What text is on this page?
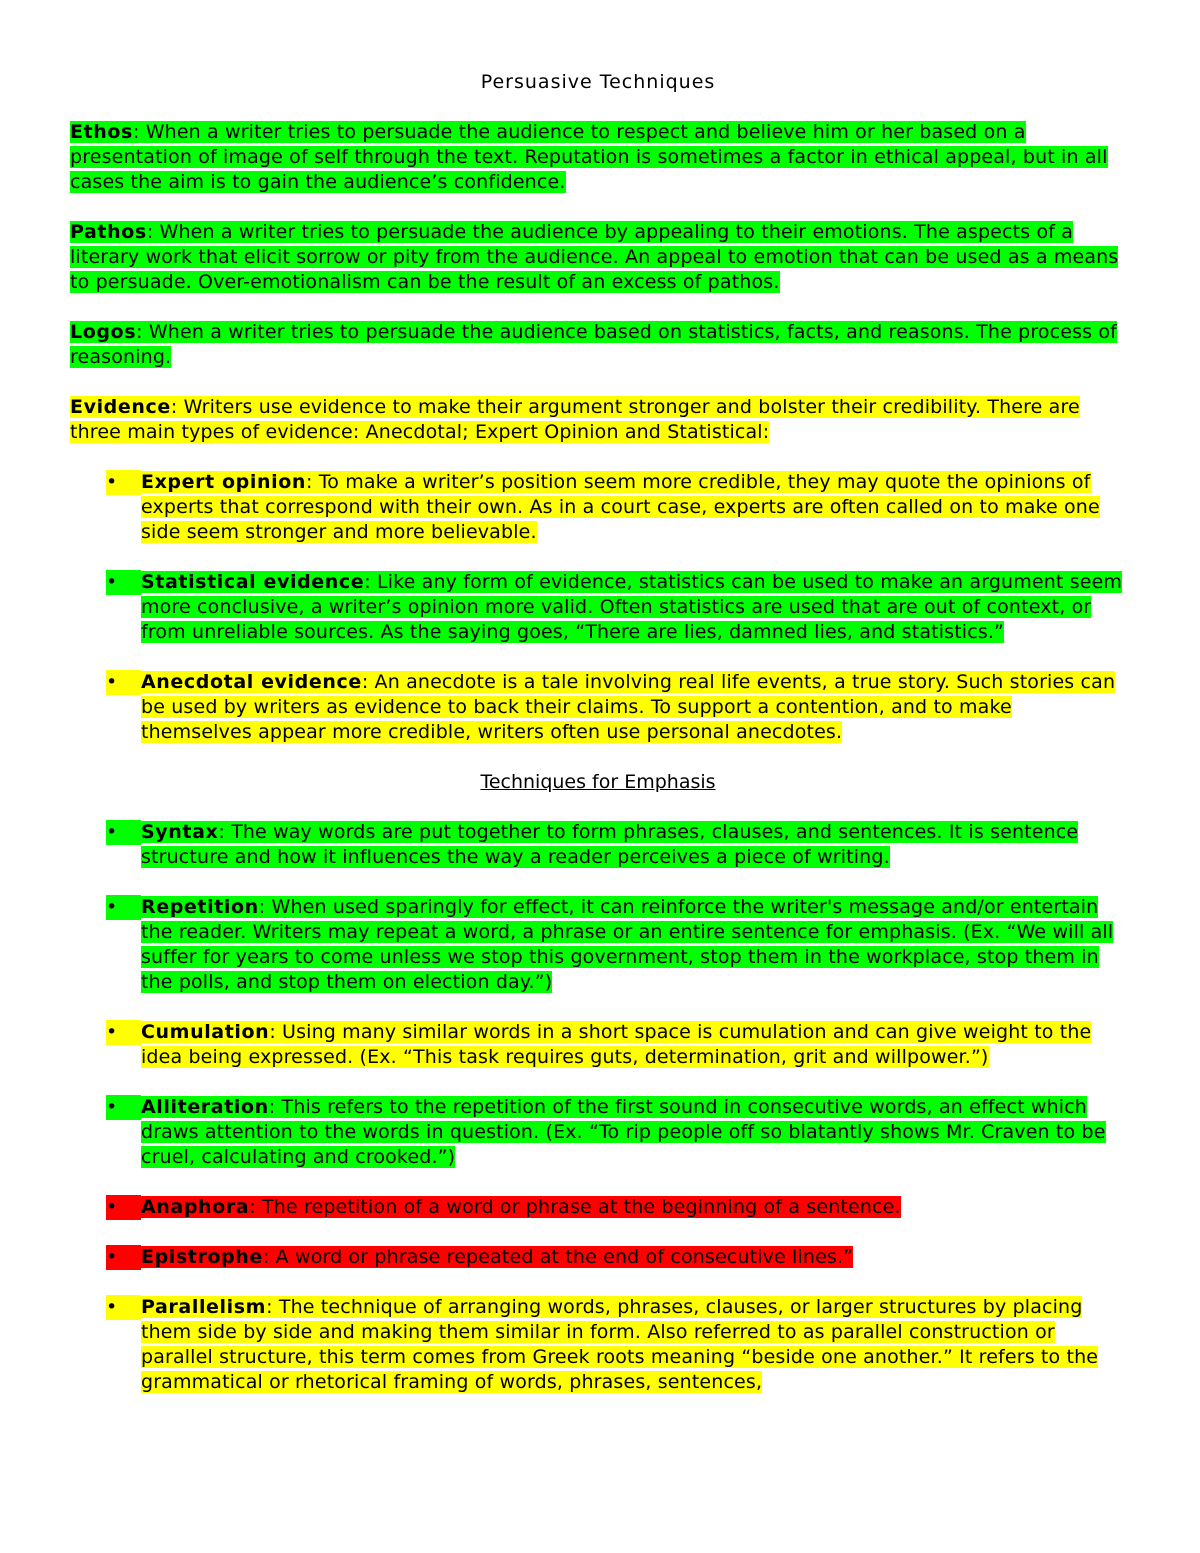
Persuasive Techniques

Ethos: When a writer tries to persuade the audience to respect and believe him or her based on a presentation of image of self through the text. Reputation is sometimes a factor in ethical appeal, but in all cases the aim is to gain the audience’s confidence.

Pathos: When a writer tries to persuade the audience by appealing to their emotions. The aspects of a literary work that elicit sorrow or pity from the audience. An appeal to emotion that can be used as a means to persuade. Over-emotionalism can be the result of an excess of pathos.

Logos: When a writer tries to persuade the audience based on statistics, facts, and reasons. The process of reasoning.

Evidence: Writers use evidence to make their argument stronger and bolster their credibility. There are three main types of evidence: Anecdotal; Expert Opinion and Statistical:

•	Expert opinion: To make a writer’s position seem more credible, they may quote the opinions of experts that correspond with their own. As in a court case, experts are often called on to make one side seem stronger and more believable.
•	Statistical evidence: Like any form of evidence, statistics can be used to make an argument seem more conclusive, a writer’s opinion more valid. Often statistics are used that are out of context, or from unreliable sources. As the saying goes, “There are lies, damned lies, and statistics.”
•	Anecdotal evidence: An anecdote is a tale involving real life events, a true story. Such stories can be used by writers as evidence to back their claims. To support a contention, and to make themselves appear more credible, writers often use personal anecdotes.
Techniques for Emphasis
•	Syntax: The way words are put together to form phrases, clauses, and sentences. It is sentence structure and how it influences the way a reader perceives a piece of writing.
•	Repetition: When used sparingly for effect, it can reinforce the writer's message and/or entertain the reader. Writers may repeat a word, a phrase or an entire sentence for emphasis. (Ex. “We will all suffer for years to come unless we stop this government, stop them in the workplace, stop them in the polls, and stop them on election day.”)
•	Cumulation: Using many similar words in a short space is cumulation and can give weight to the idea being expressed. (Ex. “This task requires guts, determination, grit and willpower.”)
•	Alliteration: This refers to the repetition of the first sound in consecutive words, an effect which draws attention to the words in question. (Ex. “To rip people off so blatantly shows Mr. Craven to be cruel, calculating and crooked.”)
•	Anaphora: The repetition of a word or phrase at the beginning of a sentence.
•	Epistrophe: A word or phrase repeated at the end of consecutive lines.”
•	Parallelism: The technique of arranging words, phrases, clauses, or larger structures by placing them side by side and making them similar in form. Also referred to as parallel construction or parallel structure, this term comes from Greek roots meaning “beside one another.” It refers to the grammatical or rhetorical framing of words, phrases, sentences,
